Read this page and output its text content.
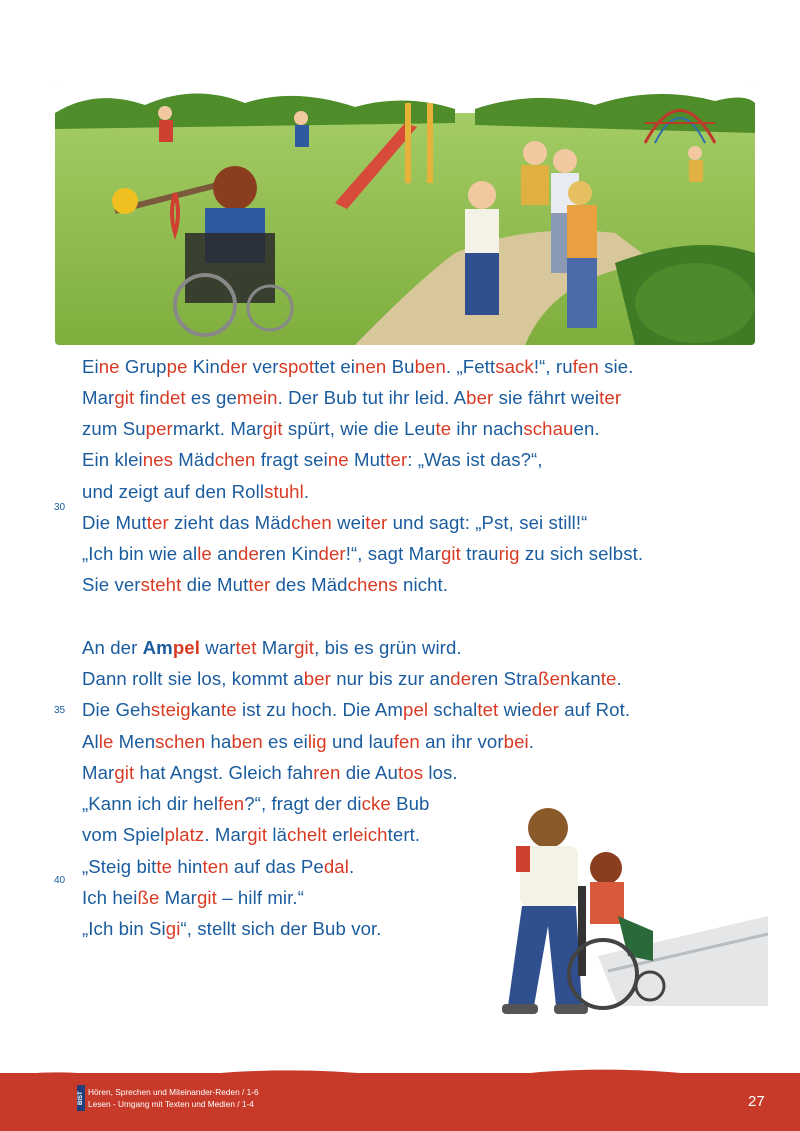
Eine Gruppe Kinder verspottet einen Buben. „Fettsack!“, rufen sie.
Margit findet es gemein. Der Bub tut ihr leid. Aber sie fährt weiter
zum Supermarkt. Margit spürt, wie die Leute ihr nachschauen.
Ein kleines Mädchen fragt seine Mutter: „Was ist das?“,
und zeigt auf den Rollstuhl.
Die Mutter zieht das Mädchen weiter und sagt: „Pst, sei still!“
„Ich bin wie alle anderen Kinder!“, sagt Margit traurig zu sich selbst.
Sie versteht die Mutter des Mädchens nicht.
An der Ampel wartet Margit, bis es grün wird.
Dann rollt sie los, kommt aber nur bis zur anderen Straßenkante.
Die Gehsteigkante ist zu hoch. Die Ampel schaltet wieder auf Rot.
Alle Menschen haben es eilig und laufen an ihr vorbei.
Margit hat Angst. Gleich fahren die Autos los.
„Kann ich dir helfen?“, fragt der dicke Bub
vom Spielplatz. Margit lächelt erleichtert.
„Steig bitte hinten auf das Pedal.
Ich heiße Margit – hilf mir.“
„Ich bin Sigi“, stellt sich der Bub vor.
30
35
40
BIST Hören, Sprechen und Miteinander-Reden / 1-6
Lesen - Umgang mit Texten und Medien / 1-4	27
